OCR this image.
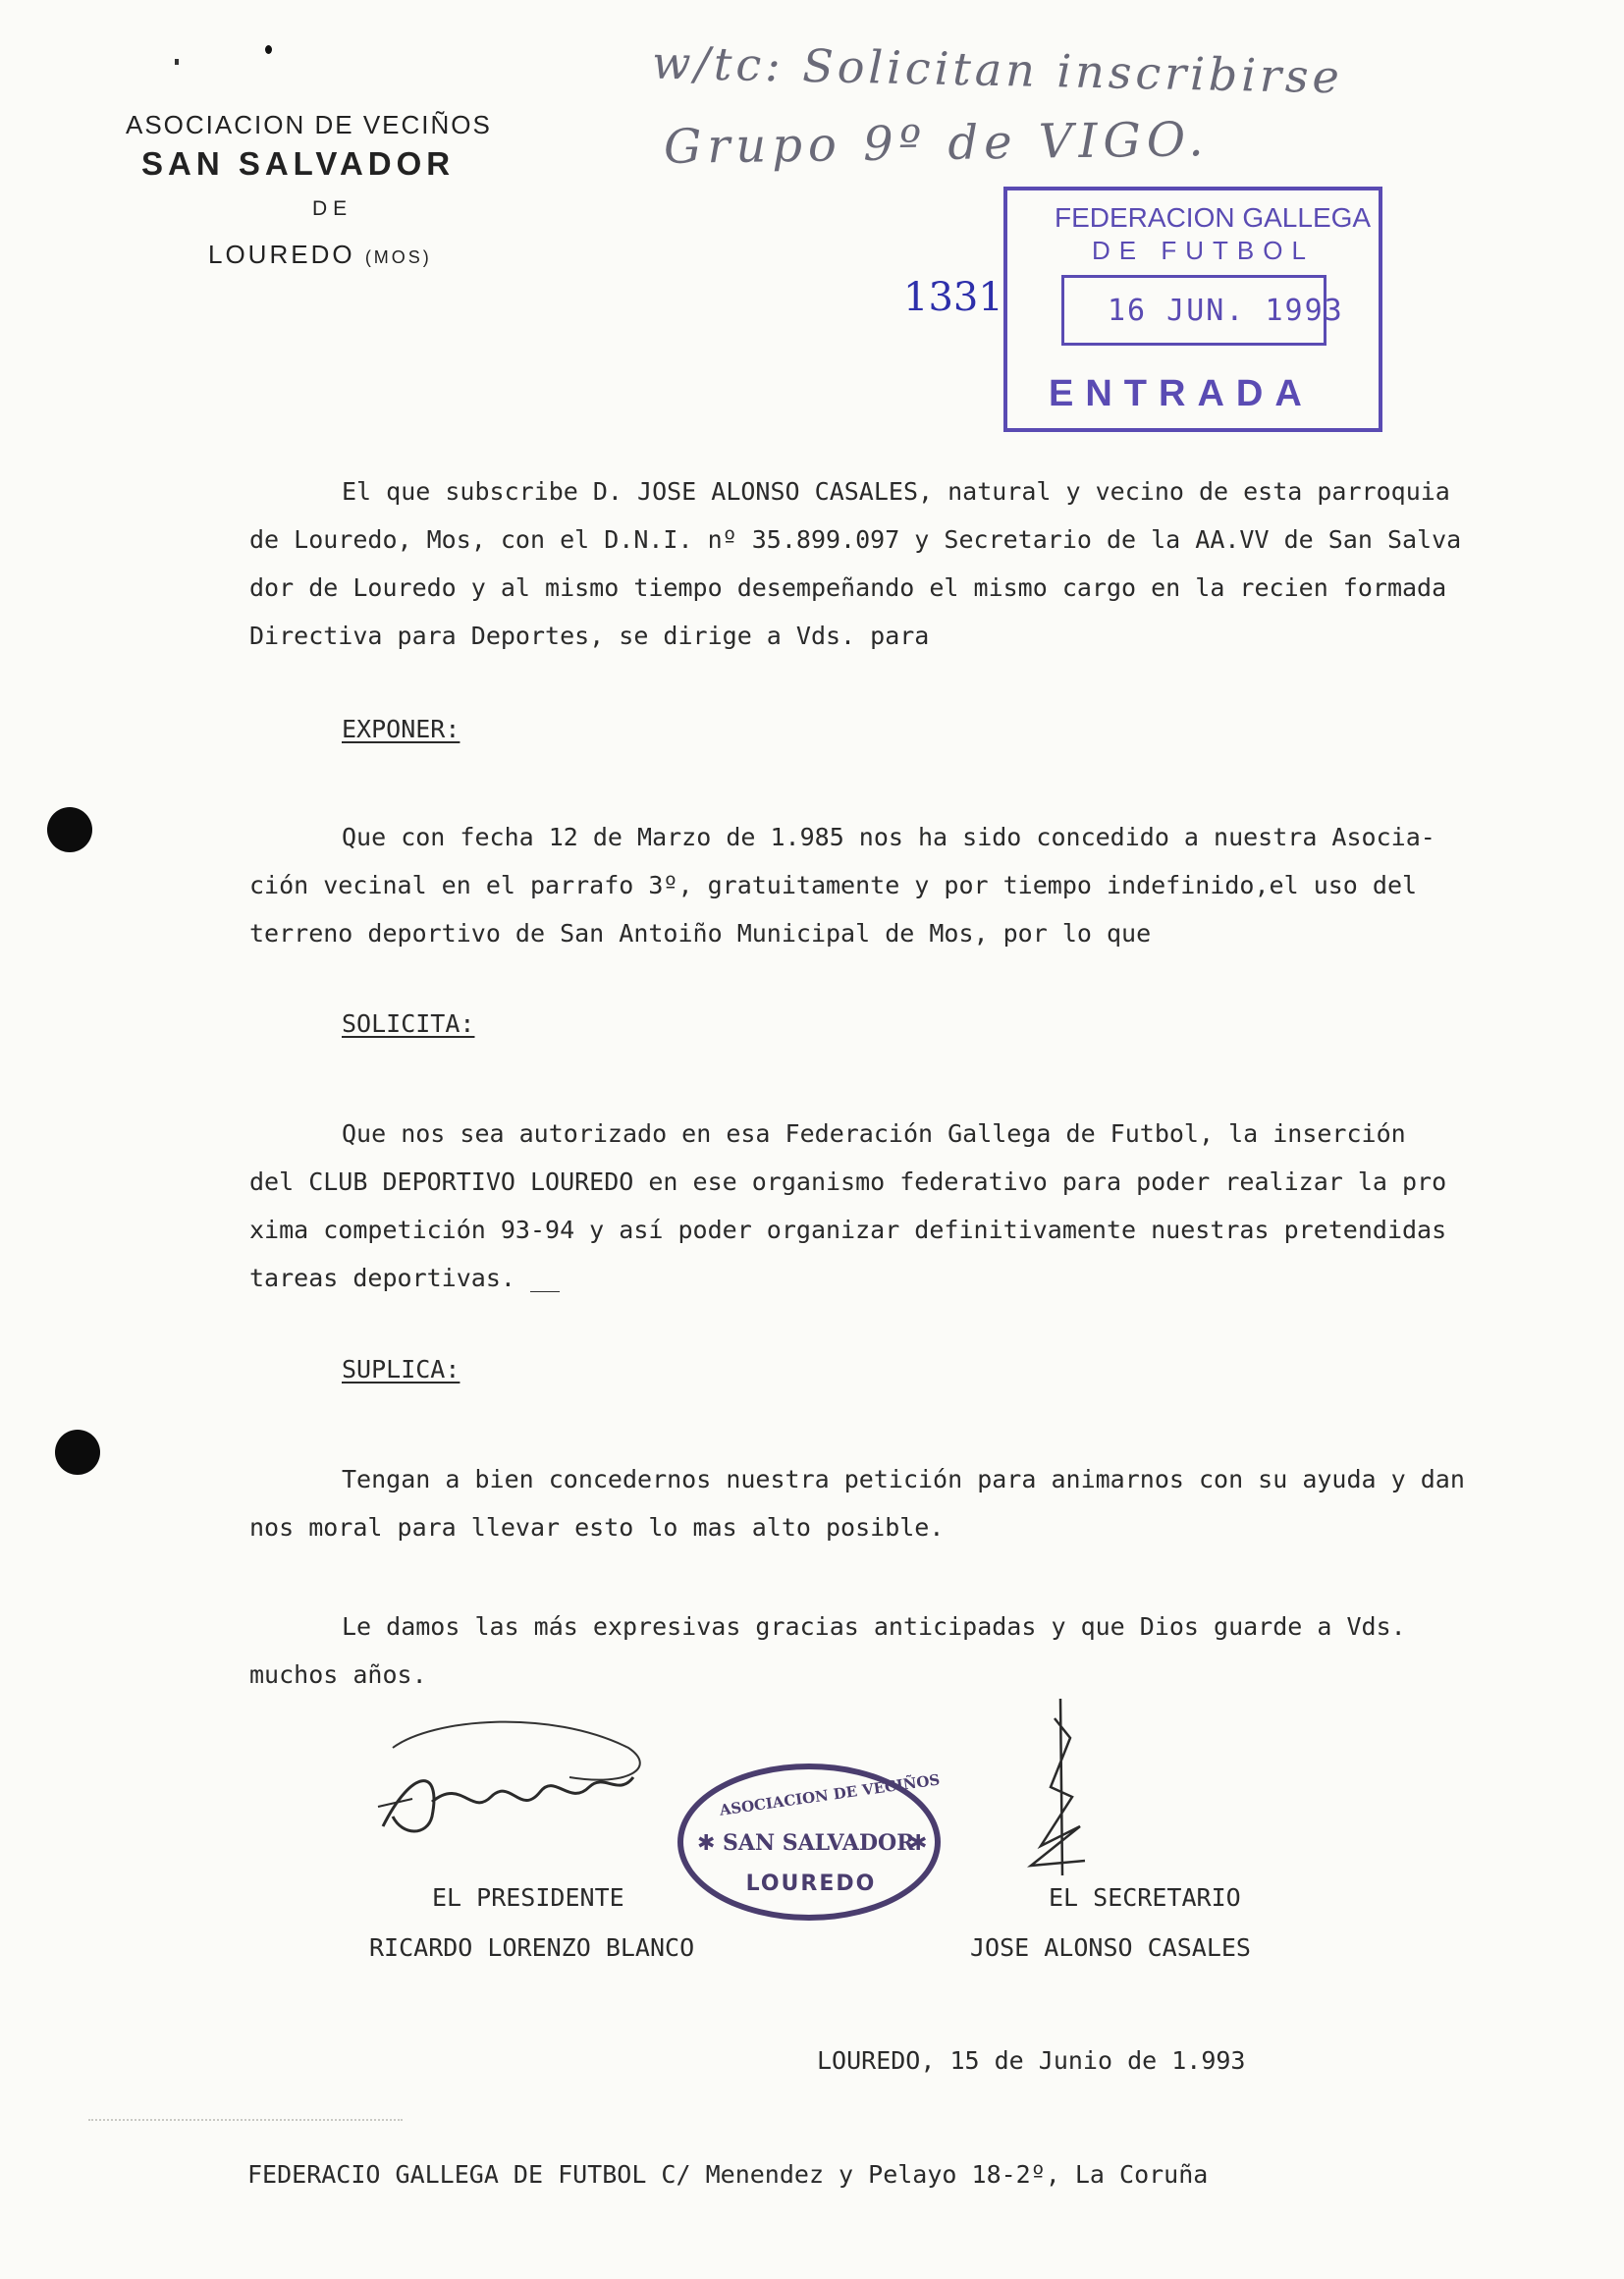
ASOCIACION DE VECIÑOS
SAN SALVADOR
DE
LOUREDO (MOS)
w/tc: Solicitan inscribirse
Grupo 9º de VIGO.
1331
FEDERACION GALLEGA
DE FUTBOL
16 JUN. 1993
ENTRADA
El que subscribe D. JOSE ALONSO CASALES, natural y vecino de esta parroquia
de Louredo, Mos, con el D.N.I. nº 35.899.097 y Secretario de la AA.VV de San Salva
dor de Louredo y al mismo tiempo desempeñando el mismo cargo en la recien formada
Directiva para Deportes, se dirige a Vds. para
EXPONER:
Que con fecha 12 de Marzo de 1.985 nos ha sido concedido a nuestra Asocia-
ción vecinal en el parrafo 3º, gratuitamente y por tiempo indefinido,el uso del
terreno deportivo de San Antoiño Municipal de Mos, por lo que
SOLICITA:
Que nos sea autorizado en esa Federación Gallega de Futbol, la inserción
del CLUB DEPORTIVO LOUREDO en ese organismo federativo para poder realizar la pro
xima competición 93-94 y así poder organizar definitivamente nuestras pretendidas
tareas deportivas. __
SUPLICA:
Tengan a bien concedernos nuestra petición para animarnos con su ayuda y dan
nos moral para llevar esto lo mas alto posible.
Le damos las más expresivas gracias anticipadas y que Dios guarde a Vds.
muchos años.
ASOCIACION DE VECIÑOS
✱ SAN SALVADOR
✱
LOUREDO
EL PRESIDENTE
RICARDO LORENZO BLANCO
EL SECRETARIO
JOSE ALONSO CASALES
LOUREDO, 15 de Junio de 1.993
FEDERACIO GALLEGA DE FUTBOL C/ Menendez y Pelayo 18-2º, La Coruña
